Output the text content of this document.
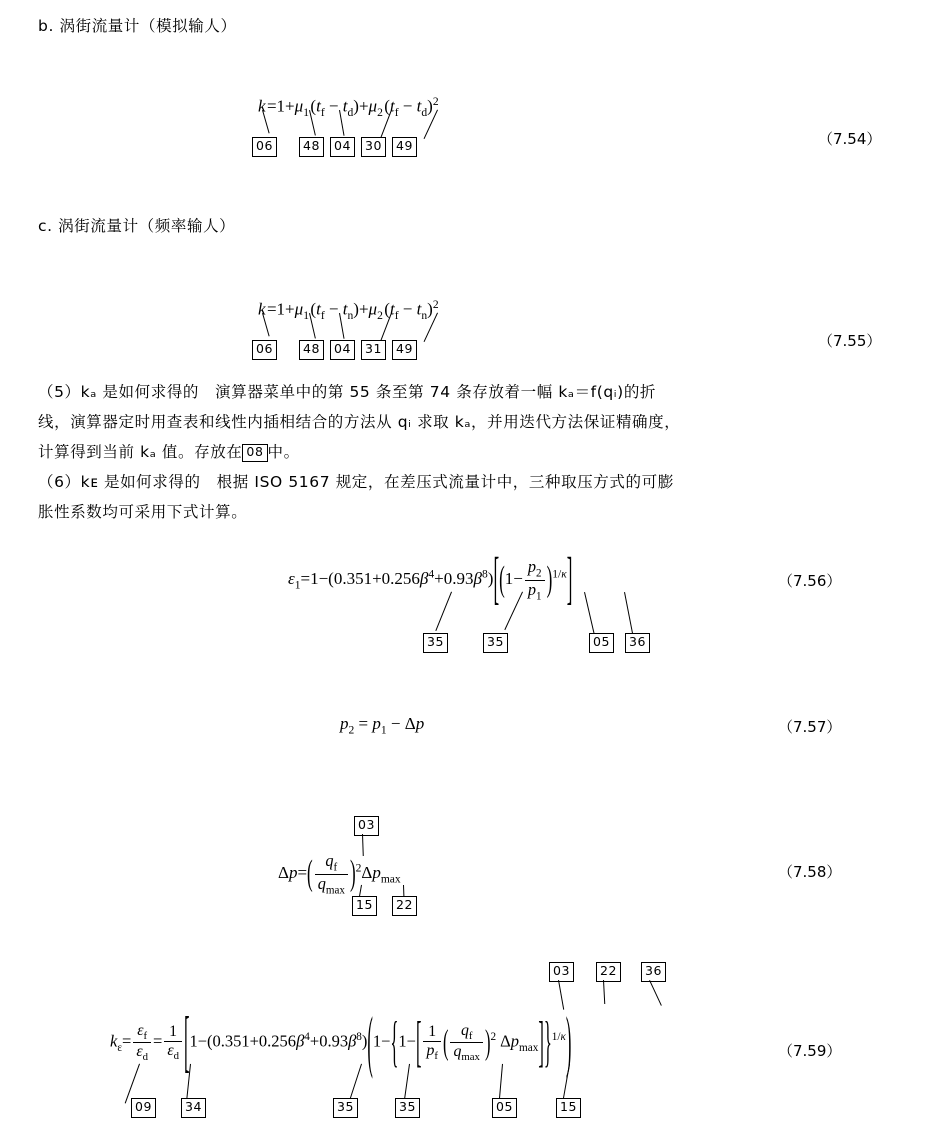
b. 涡街流量计（模拟输人）
k $=1+\mu_1$ $(t_f - t_d)+\mu_2$ $(t_f - t_d)^2$
（7.54）
06	48	04	30	49
c. 涡街流量计（频率输人）
k $=1+\mu_1$ $(t_f - t_n)+\mu_2$ $(t_f - t_n)^2$
（7.55）
06	48	04	31	49
（5）kₐ 是如何求得的　演算器菜单中的第 55 条至第 74 条存放着一幅 kₐ＝f(qᵢ)的折
线，演算器定时用查表和线性内插相结合的方法从 qᵢ 求取 kₐ，并用迭代方法保证精确度，
计算得到当前 kₐ 值。存放在 08 中。
（6）kᴇ 是如何求得的　根据 ISO 5167 规定，在差压式流量计中，三种取压方式的可膨
胀性系数均可采用下式计算。
$\varepsilon_1=1-(0.351+0.256\beta^4+0.93\beta^8)[(1- \frac{p_2}{p_1} )^{1/\kappa}]$	（7.56）
35	35	05	36
$p_2 = p_1 - \Delta p$	（7.57）
03
$\Delta p=( \frac{q_f}{q_{max}} )^2\Delta p_{max}$	（7.58）
15	22
03	22	36
$k_\varepsilon= \frac{\varepsilon_f}{\varepsilon_d} = \frac{1}{\varepsilon_d} [1-(0.351+0.256\beta^4+0.93\beta^8)(1-\{1-[ \frac{1}{p_f}$ ( $\frac{q_f}{q_{max}} )^2$ $\Delta p_{max}]\}^{1/\kappa}$)	（7.59）
09	34	35	35	05	15
